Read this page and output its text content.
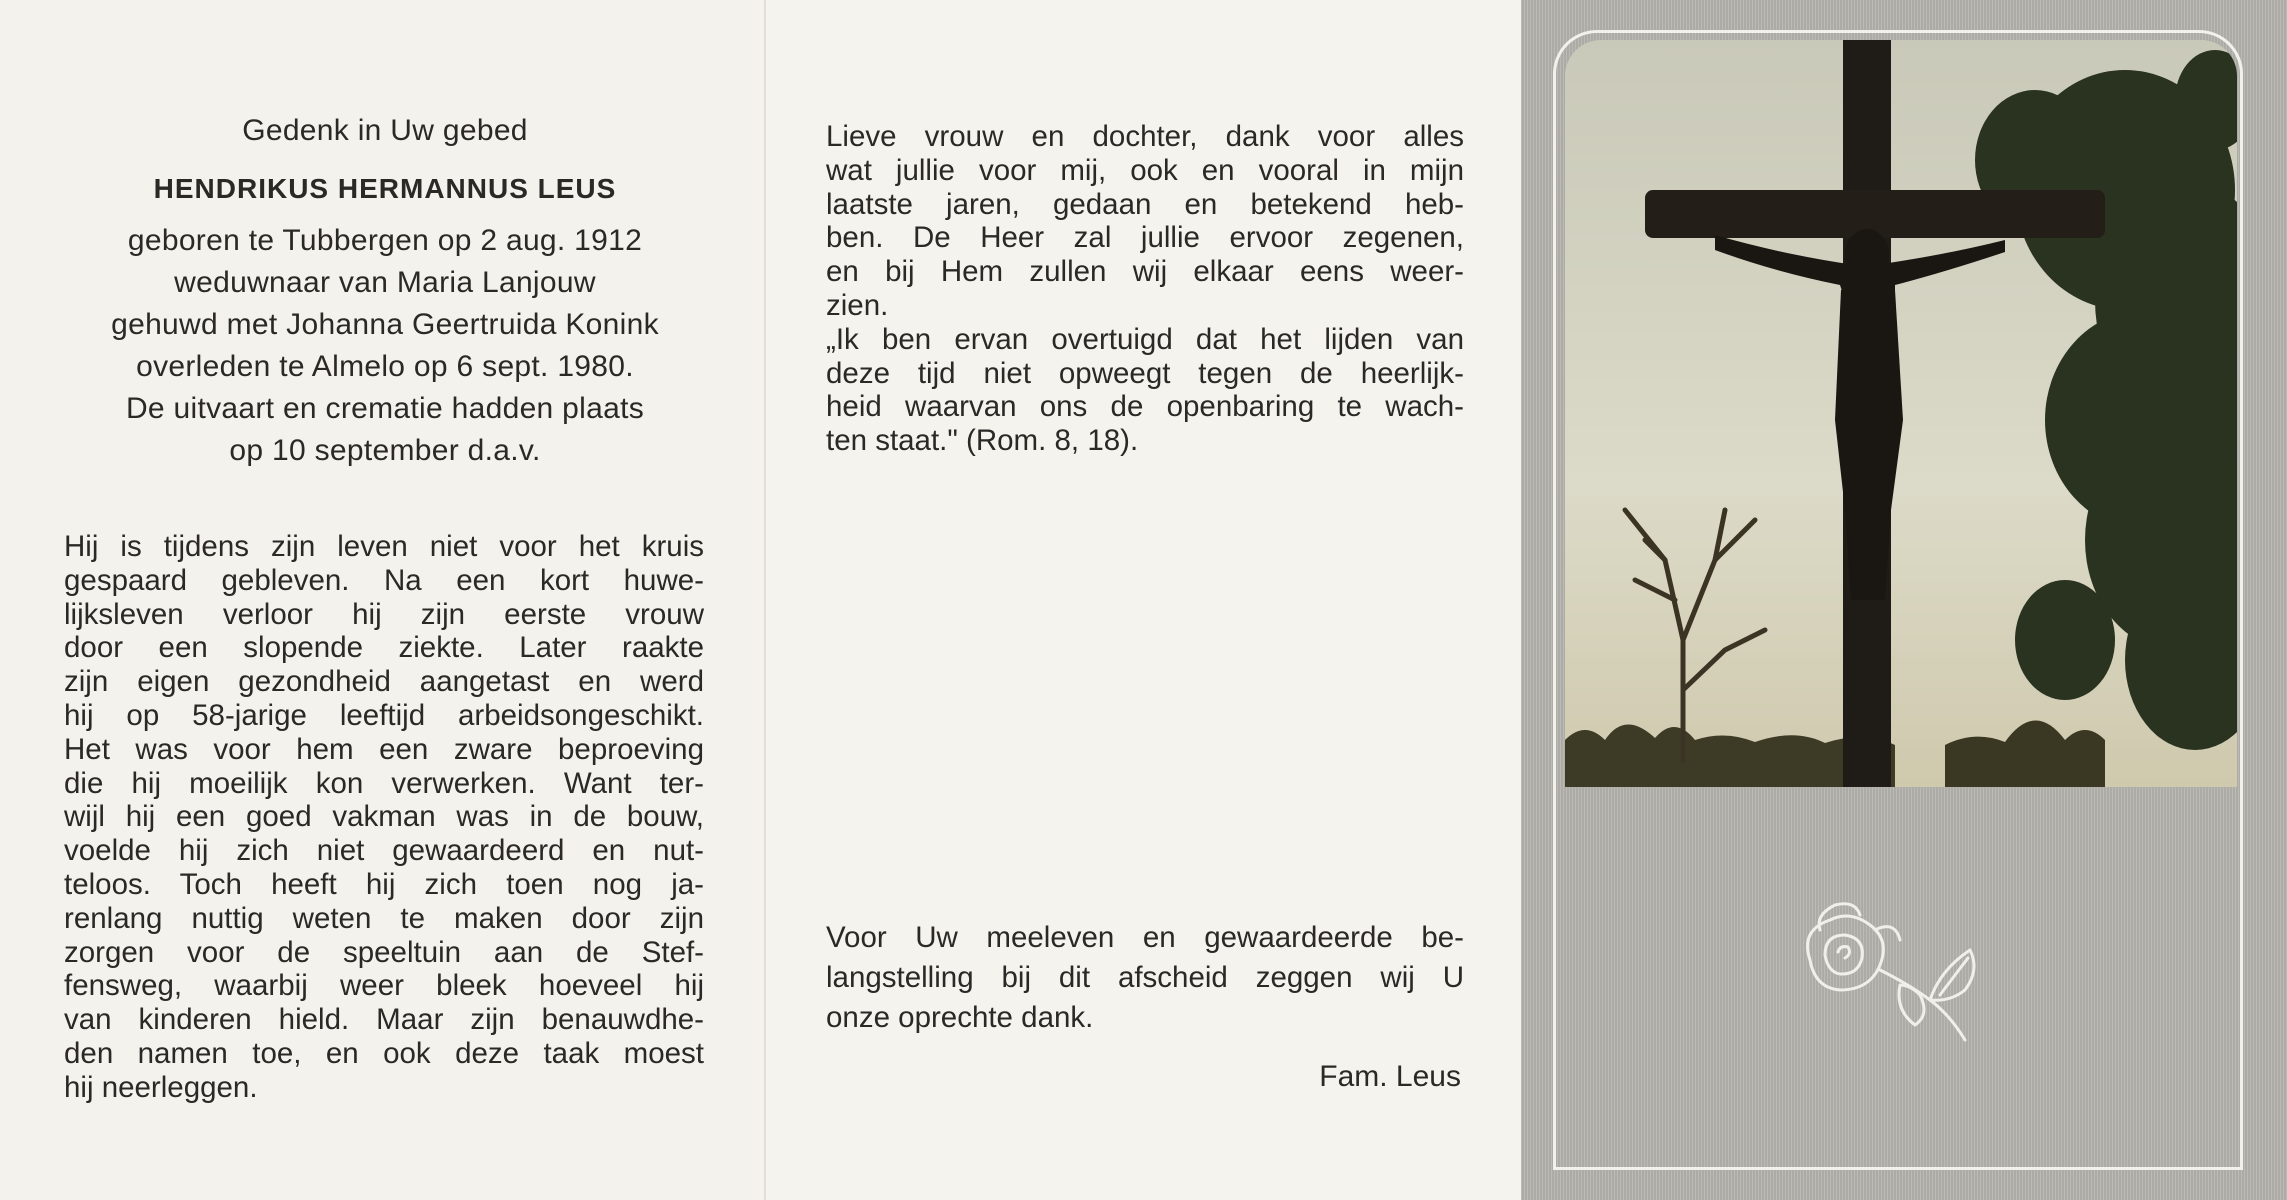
Gedenk in Uw gebed
HENDRIKUS HERMANNUS LEUS
geboren te Tubbergen op 2 aug. 1912
weduwnaar van Maria Lanjouw
gehuwd met Johanna Geertruida Konink
overleden te Almelo op 6 sept. 1980.
De uitvaart en crematie hadden plaats
op 10 september d.a.v.
Hij is tijdens zijn leven niet voor het kruis
gespaard gebleven. Na een kort huwe-
lijksleven verloor hij zijn eerste vrouw
door een slopende ziekte. Later raakte
zijn eigen gezondheid aangetast en werd
hij op 58-jarige leeftijd arbeidsongeschikt.
Het was voor hem een zware beproeving
die hij moeilijk kon verwerken. Want ter-
wijl hij een goed vakman was in de bouw,
voelde hij zich niet gewaardeerd en nut-
teloos. Toch heeft hij zich toen nog ja-
renlang nuttig weten te maken door zijn
zorgen voor de speeltuin aan de Stef-
fensweg, waarbij weer bleek hoeveel hij
van kinderen hield. Maar zijn benauwdhe-
den namen toe, en ook deze taak moest
hij neerleggen.
Lieve vrouw en dochter, dank voor alles
wat jullie voor mij, ook en vooral in mijn
laatste jaren, gedaan en betekend heb-
ben. De Heer zal jullie ervoor zegenen,
en bij Hem zullen wij elkaar eens weer-
zien.
„Ik ben ervan overtuigd dat het lijden van
deze tijd niet opweegt tegen de heerlijk-
heid waarvan ons de openbaring te wach-
ten staat." (Rom. 8, 18).
Voor Uw meeleven en gewaardeerde be-
langstelling bij dit afscheid zeggen wij U
onze oprechte dank.
Fam. Leus
